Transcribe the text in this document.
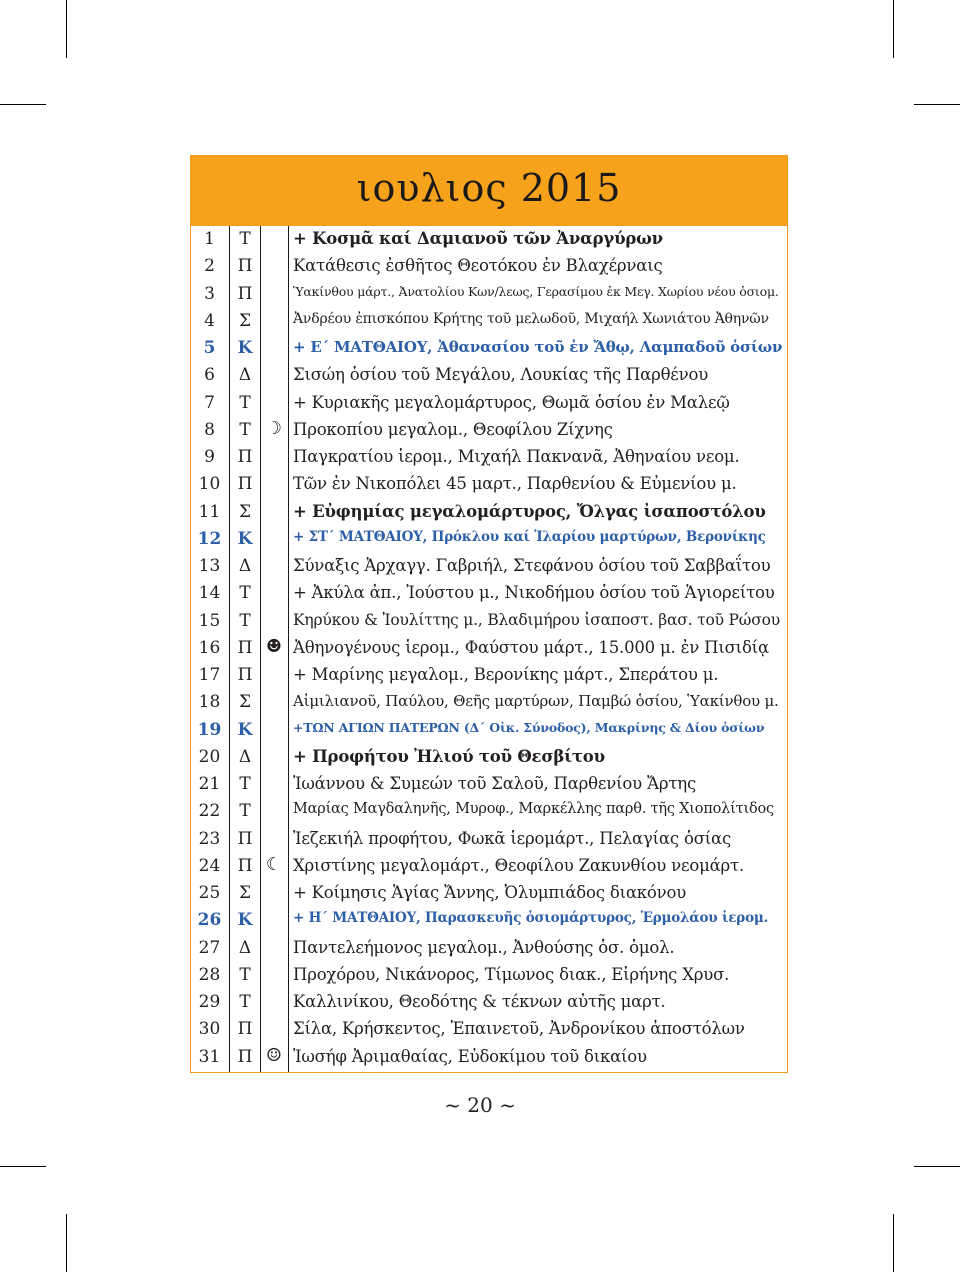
ιουλιος 2015
1	Τ	+ Κοσμᾶ καί Δαμιανοῦ τῶν Ἀναργύρων
2	Π	Κατάθεσις ἐσθῆτος Θεοτόκου ἐν Βλαχέρναις
3	Π	Ὑακίνθου μάρτ., Ἀνατολίου Κων/λεως, Γερασίμου ἐκ Μεγ. Χωρίου νέου ὁσιομ.
4	Σ	Ἀνδρέου ἐπισκόπου Κρήτης τοῦ μελωδοῦ, Μιχαήλ Χωνιάτου Ἀθηνῶν
5	Κ	+ Ε΄ ΜΑΤΘΑΙΟΥ, Ἀθανασίου τοῦ ἐν Ἄθῳ, Λαμπαδοῦ ὁσίων
6	Δ	Σισώη ὁσίου τοῦ Μεγάλου, Λουκίας τῆς Παρθένου
7	Τ	+ Κυριακῆς μεγαλομάρτυρος, Θωμᾶ ὁσίου ἐν Μαλεῷ
8	Τ ☽ Προκοπίου μεγαλομ., Θεοφίλου Ζίχνης
9	Π	Παγκρατίου ἱερομ., Μιχαήλ Πακνανᾶ, Ἀθηναίου νεομ.
10	Π	Τῶν ἐν Νικοπόλει 45 μαρτ., Παρθενίου & Εὐμενίου μ.
11	Σ	+ Εὐφημίας μεγαλομάρτυρος, Ὄλγας ἰσαποστόλου
12 Κ	+ ΣΤ΄ ΜΑΤΘΑΙΟΥ, Πρόκλου καί Ἱλαρίου μαρτύρων, Βερονίκης
13	Δ	Σύναξις Ἀρχαγγ. Γαβριήλ, Στεφάνου ὁσίου τοῦ Σαββαΐτου
14	Τ	+ Ἀκύλα ἀπ., Ἰούστου μ., Νικοδήμου ὁσίου τοῦ Ἁγιορείτου
15	Τ	Κηρύκου & Ἰουλίττης μ., Βλαδιμήρου ἰσαποστ. βασ. τοῦ Ρώσου
16	Π ☻ Ἀθηνογένους ἱερομ., Φαύστου μάρτ., 15.000 μ. ἐν Πισιδίᾳ
17	Π	+ Μαρίνης μεγαλομ., Βερονίκης μάρτ., Σπεράτου μ.
18	Σ	Αἰμιλιανοῦ, Παύλου, Θεῆς μαρτύρων, Παμβώ ὁσίου, Ὑακίνθου μ.
19 Κ	+ΤΩΝ ΑΓΙΩΝ ΠΑΤΕΡΩΝ (Δ΄ Οἰκ. Σύνοδος), Μακρίνης & Δίου ὁσίων
20	Δ	+ Προφήτου Ἠλιού τοῦ Θεσβίτου
21	Τ	Ἰωάννου & Συμεών τοῦ Σαλοῦ, Παρθενίου Ἄρτης
22	Τ	Μαρίας Μαγδαληνῆς, Μυροφ., Μαρκέλλης παρθ. τῆς Χιοπολίτιδος
23	Π	Ἰεζεκιήλ προφήτου, Φωκᾶ ἱερομάρτ., Πελαγίας ὁσίας
24	Π ☾ Χριστίνης μεγαλομάρτ., Θεοφίλου Ζακυνθίου νεομάρτ.
25	Σ	+ Κοίμησις Ἁγίας Ἄννης, Ὀλυμπιάδος διακόνου
26 Κ	+ Η΄ ΜΑΤΘΑΙΟΥ, Παρασκευῆς ὁσιομάρτυρος, Ἑρμολάου ἱερομ.
27	Δ	Παντελεήμονος μεγαλομ., Ἀνθούσης ὁσ. ὁμολ.
28	Τ	Προχόρου, Νικάνορος, Τίμωνος διακ., Εἰρήνης Χρυσ.
29	Τ	Καλλινίκου, Θεοδότης & τέκνων αὐτῆς μαρτ.
30	Π	Σίλα, Κρήσκεντος, Ἐπαινετοῦ, Ἀνδρονίκου ἀποστόλων
31	Π ☺ Ἰωσήφ Ἀριμαθαίας, Εὐδοκίμου τοῦ δικαίου
~ 20 ~
